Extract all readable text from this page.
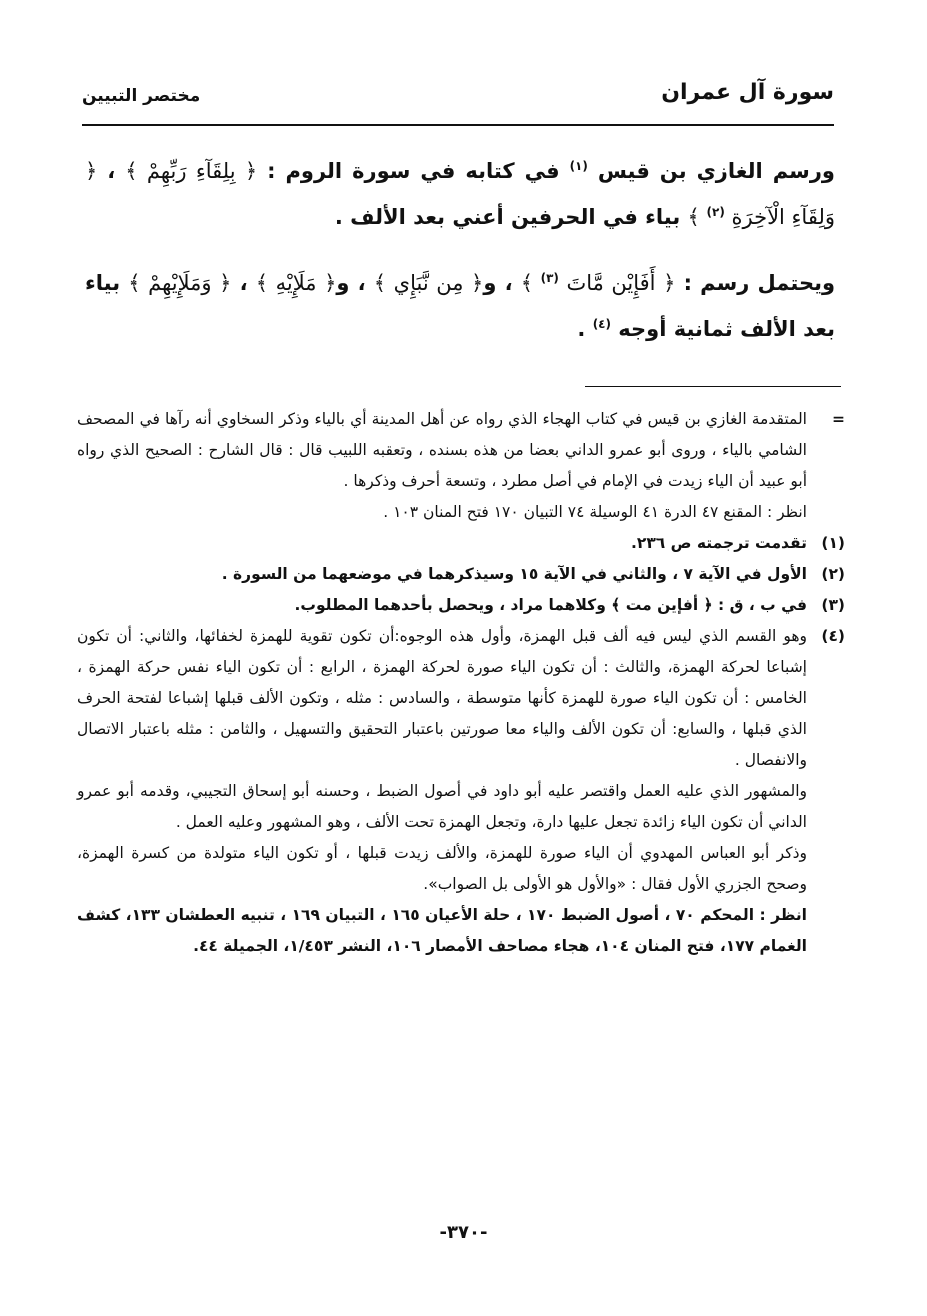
سورة آل عمران
مختصر التبيين

ورسم الغازي بن قيس $^{(١)}$ في كتابه في سورة الروم : ﴿ بِلِقَآءِ رَبِّهِمْ ﴾ ، ﴿ وَلِقَآءِ الْآخِرَةِ $^{(٢)}$ ﴾ بياء في الحرفين أعني بعد الألف .

ويحتمل رسم : ﴿ أَفَإِيْن مَّاتَ $^{(٣)}$ ﴾ ، و﴿ مِن نَّبَإِي ﴾ ، و﴿ مَلَإِيْهِ ﴾ ، ﴿ وَمَلَإِيْهِمْ ﴾ بياء بعد الألف ثمانية أوجه $^{(٤)}$ .

=

المتقدمة الغازي بن قيس في كتاب الهجاء الذي رواه عن أهل المدينة أي بالياء وذكر السخاوي أنه رآها في المصحف الشامي بالياء ، وروى أبو عمرو الداني بعضا من هذه بسنده ، وتعقبه اللبيب قال : قال الشارح : الصحيح الذي رواه أبو عبيد أن الياء زيدت في الإمام في أصل مطرد ، وتسعة أحرف وذكرها .

انظر : المقنع ٤٧ الدرة ٤١ الوسيلة ٧٤ التبيان ١٧٠ فتح المنان ١٠٣ .

(١)

تقدمت ترجمته ص ٢٣٦.

(٢)

الأول في الآية ٧ ، والثاني في الآية ١٥ وسيذكرهما في موضعهما من السورة .

(٣)

في ب ، ق : ﴿ أفإين مت ﴾ وكلاهما مراد ، ويحصل بأحدهما المطلوب.

(٤)

وهو القسم الذي ليس فيه ألف قبل الهمزة، وأول هذه الوجوه:أن تكون تقوية للهمزة لخفائها، والثاني: أن تكون إشباعا لحركة الهمزة، والثالث : أن تكون الياء صورة لحركة الهمزة ، الرابع : أن تكون الياء نفس حركة الهمزة ، الخامس : أن تكون الياء صورة للهمزة كأنها متوسطة ، والسادس : مثله ، وتكون الألف قبلها إشباعا لفتحة الحرف الذي قبلها ، والسابع: أن تكون الألف والياء معا صورتين باعتبار التحقيق والتسهيل ، والثامن : مثله باعتبار الاتصال والانفصال .

والمشهور الذي عليه العمل واقتصر عليه أبو داود في أصول الضبط ، وحسنه أبو إسحاق التجيبي، وقدمه أبو عمرو الداني أن تكون الياء زائدة تجعل عليها دارة، وتجعل الهمزة تحت الألف ، وهو المشهور وعليه العمل .

وذكر أبو العباس المهدوي أن الياء صورة للهمزة، والألف زيدت قبلها ، أو تكون الياء متولدة من كسرة الهمزة، وصحح الجزري الأول فقال : «والأول هو الأولى بل الصواب».

انظر : المحكم ٧٠ ، أصول الضبط ١٧٠ ، حلة الأعيان ١٦٥ ، التبيان ١٦٩ ، تنبيه العطشان ١٣٣، كشف الغمام ١٧٧، فتح المنان ١٠٤، هجاء مصاحف الأمصار ١٠٦، النشر ١/٤٥٣، الجميلة ٤٤.

-٣٧٠-
